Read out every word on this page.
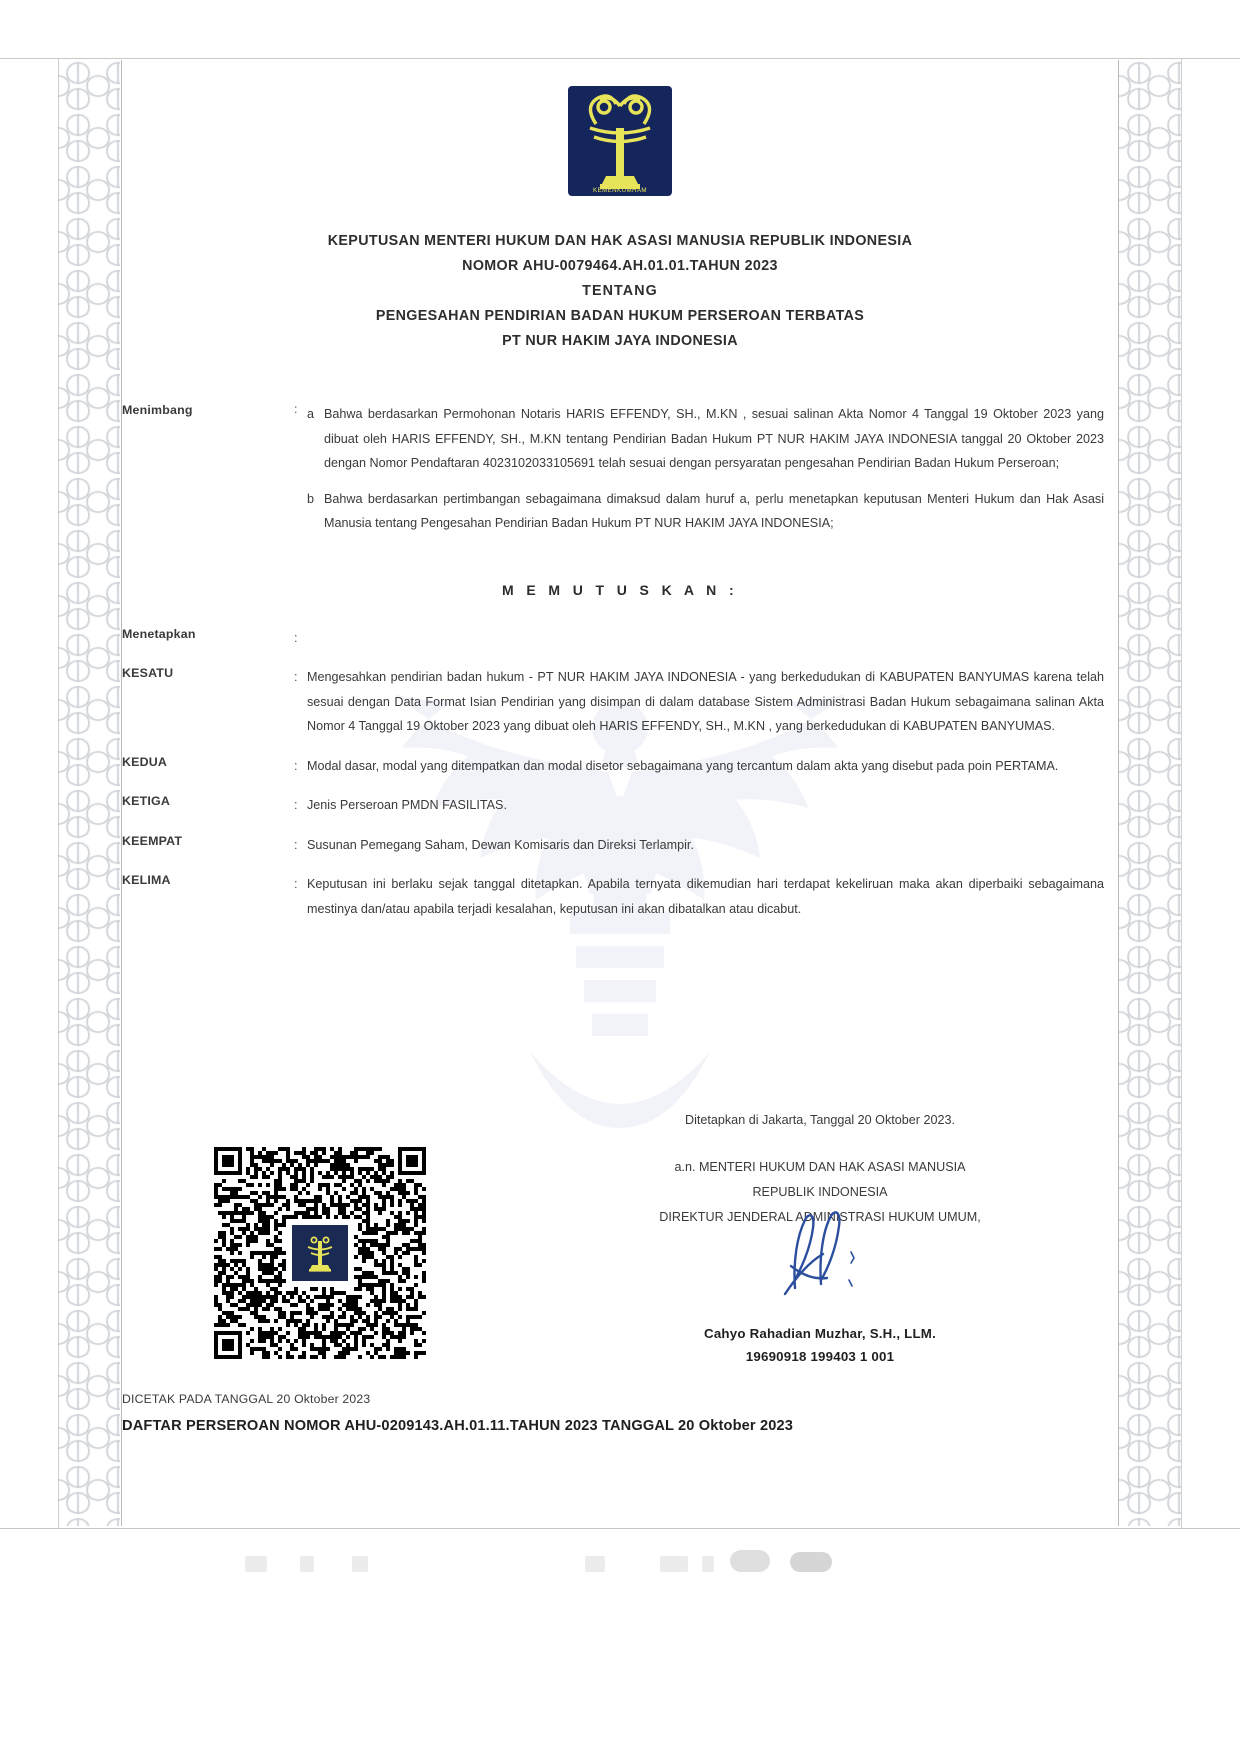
KEMENKUMHAM
KEPUTUSAN MENTERI HUKUM DAN HAK ASASI MANUSIA REPUBLIK INDONESIA
NOMOR AHU-0079464.AH.01.01.TAHUN 2023
TENTANG
PENGESAHAN PENDIRIAN BADAN HUKUM PERSEROAN TERBATAS
PT NUR HAKIM JAYA INDONESIA
Menimbang	: a Bahwa berdasarkan Permohonan Notaris HARIS EFFENDY, SH., M.KN , sesuai salinan Akta Nomor 4 Tanggal 19 Oktober 2023 yang dibuat oleh HARIS EFFENDY, SH., M.KN tentang Pendirian Badan Hukum PT NUR HAKIM JAYA INDONESIA tanggal 20 Oktober 2023 dengan Nomor Pendaftaran 4023102033105691 telah sesuai dengan persyaratan pengesahan Pendirian Badan Hukum Perseroan;
b Bahwa berdasarkan pertimbangan sebagaimana dimaksud dalam huruf a, perlu menetapkan keputusan Menteri Hukum dan Hak Asasi Manusia tentang Pengesahan Pendirian Badan Hukum PT NUR HAKIM JAYA INDONESIA;
M E M U T U S K A N :
Menetapkan	:
KESATU	: Mengesahkan pendirian badan hukum - PT NUR HAKIM JAYA INDONESIA - yang berkedudukan di KABUPATEN BANYUMAS karena telah sesuai dengan Data Format Isian Pendirian yang disimpan di dalam database Sistem Administrasi Badan Hukum sebagaimana salinan Akta Nomor 4 Tanggal 19 Oktober 2023 yang dibuat oleh HARIS EFFENDY, SH., M.KN , yang berkedudukan di KABUPATEN BANYUMAS.
KEDUA	: Modal dasar, modal yang ditempatkan dan modal disetor sebagaimana yang tercantum dalam akta yang disebut pada poin PERTAMA.
KETIGA	: Jenis Perseroan PMDN FASILITAS.
KEEMPAT	: Susunan Pemegang Saham, Dewan Komisaris dan Direksi Terlampir.
KELIMA	: Keputusan ini berlaku sejak tanggal ditetapkan. Apabila ternyata dikemudian hari terdapat kekeliruan maka akan diperbaiki sebagaimana mestinya dan/atau apabila terjadi kesalahan, keputusan ini akan dibatalkan atau dicabut.
Ditetapkan di Jakarta, Tanggal 20 Oktober 2023.
a.n. MENTERI HUKUM DAN HAK ASASI MANUSIA
REPUBLIK INDONESIA
DIREKTUR JENDERAL ADMINISTRASI HUKUM UMUM,
Cahyo Rahadian Muzhar, S.H., LLM.
19690918 199403 1 001
DICETAK PADA TANGGAL 20 Oktober 2023
DAFTAR PERSEROAN NOMOR AHU-0209143.AH.01.11.TAHUN 2023 TANGGAL 20 Oktober 2023
